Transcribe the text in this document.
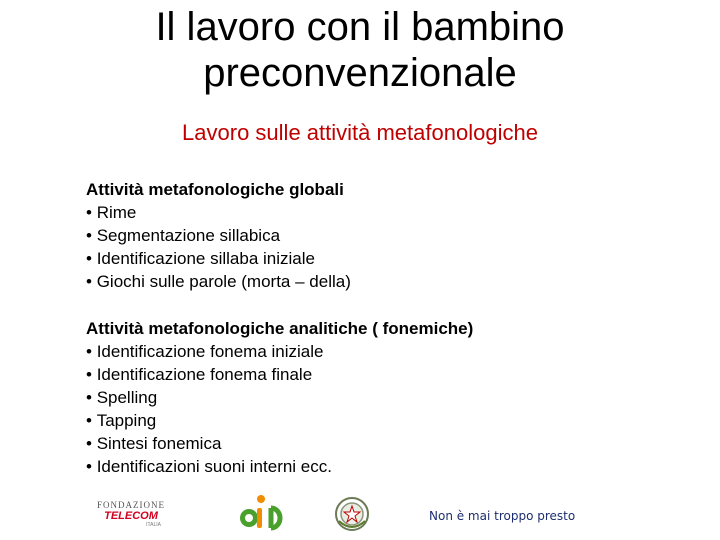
Il lavoro con il bambino
preconvenzionale
Lavoro sulle attività metafonologiche
Attività metafonologiche globali
• Rime
• Segmentazione sillabica
• Identificazione sillaba iniziale
• Giochi sulle parole (morta – della)
Attività metafonologiche analitiche ( fonemiche)
• Identificazione fonema iniziale
• Identificazione fonema finale
• Spelling
• Tapping
• Sintesi fonemica
• Identificazioni suoni interni ecc.
FONDAZIONE
TELECOM
ITALIA
Non è mai troppo presto
